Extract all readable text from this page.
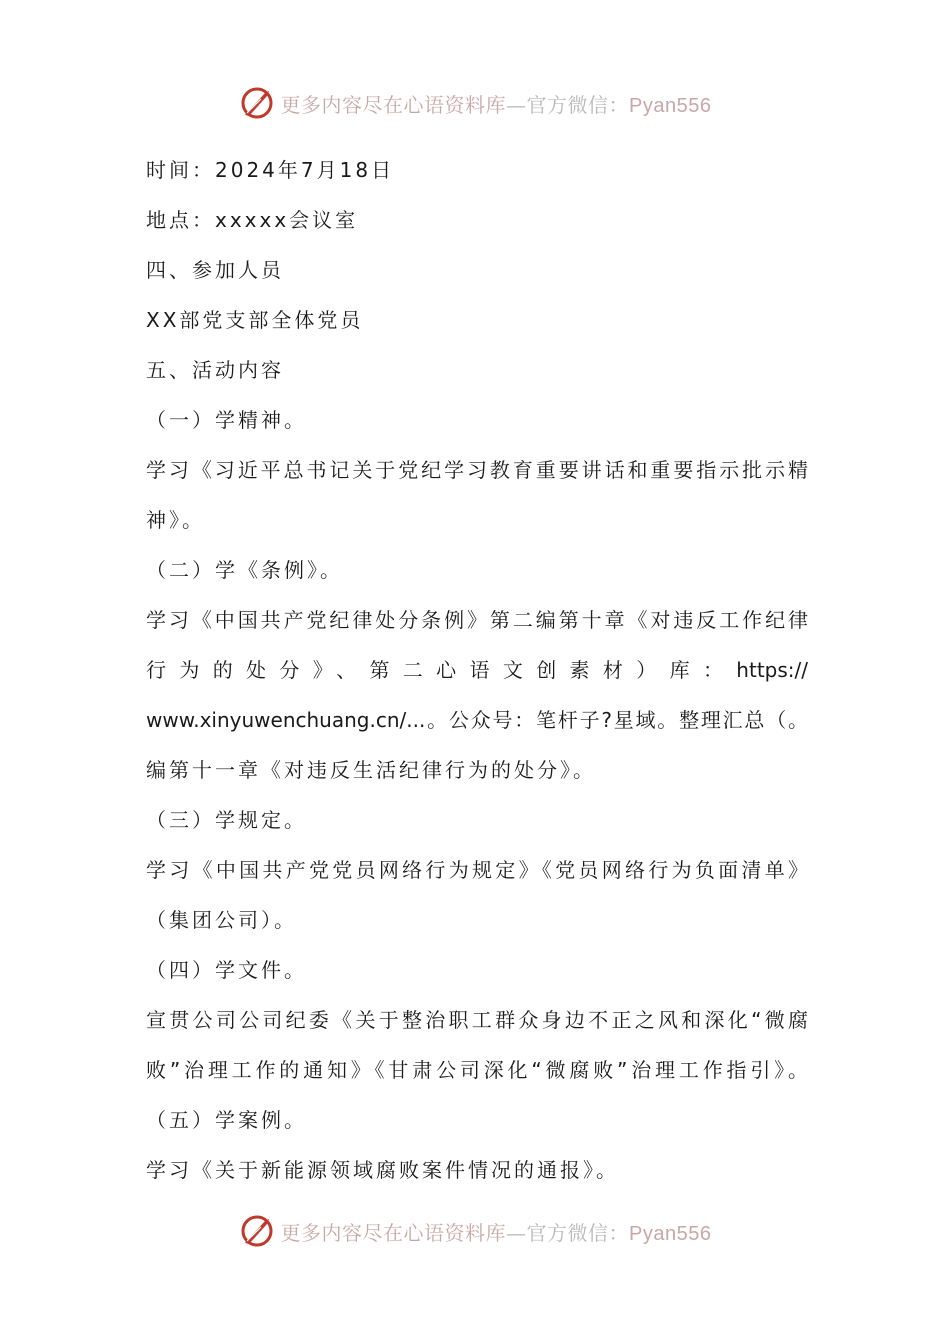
更多内容尽在心语资料库—官方微信：Pyan556
时间：2024年7月18日
地点：xxxxx会议室
四、参加人员
XX部党支部全体党员
五、活动内容
（一）学精神。
学习《习近平总书记关于党纪学习教育重要讲话和重要指示批示精
神》。
（二）学《条例》。
学习《中国共产党纪律处分条例》第二编第十章《对违反工作纪律
行为的处分》、第二心语文创素材）库：https://
www.xinyuwenchuang.cn/...。公众号：笔杆子?星域。整理汇总（。
编第十一章《对违反生活纪律行为的处分》。
（三）学规定。
学习《中国共产党党员网络行为规定》《党员网络行为负面清单》
（集团公司）。
（四）学文件。
宣贯公司公司纪委《关于整治职工群众身边不正之风和深化“微腐
败”治理工作的通知》《甘肃公司深化“微腐败”治理工作指引》。
（五）学案例。
学习《关于新能源领域腐败案件情况的通报》。
更多内容尽在心语资料库—官方微信：Pyan556
